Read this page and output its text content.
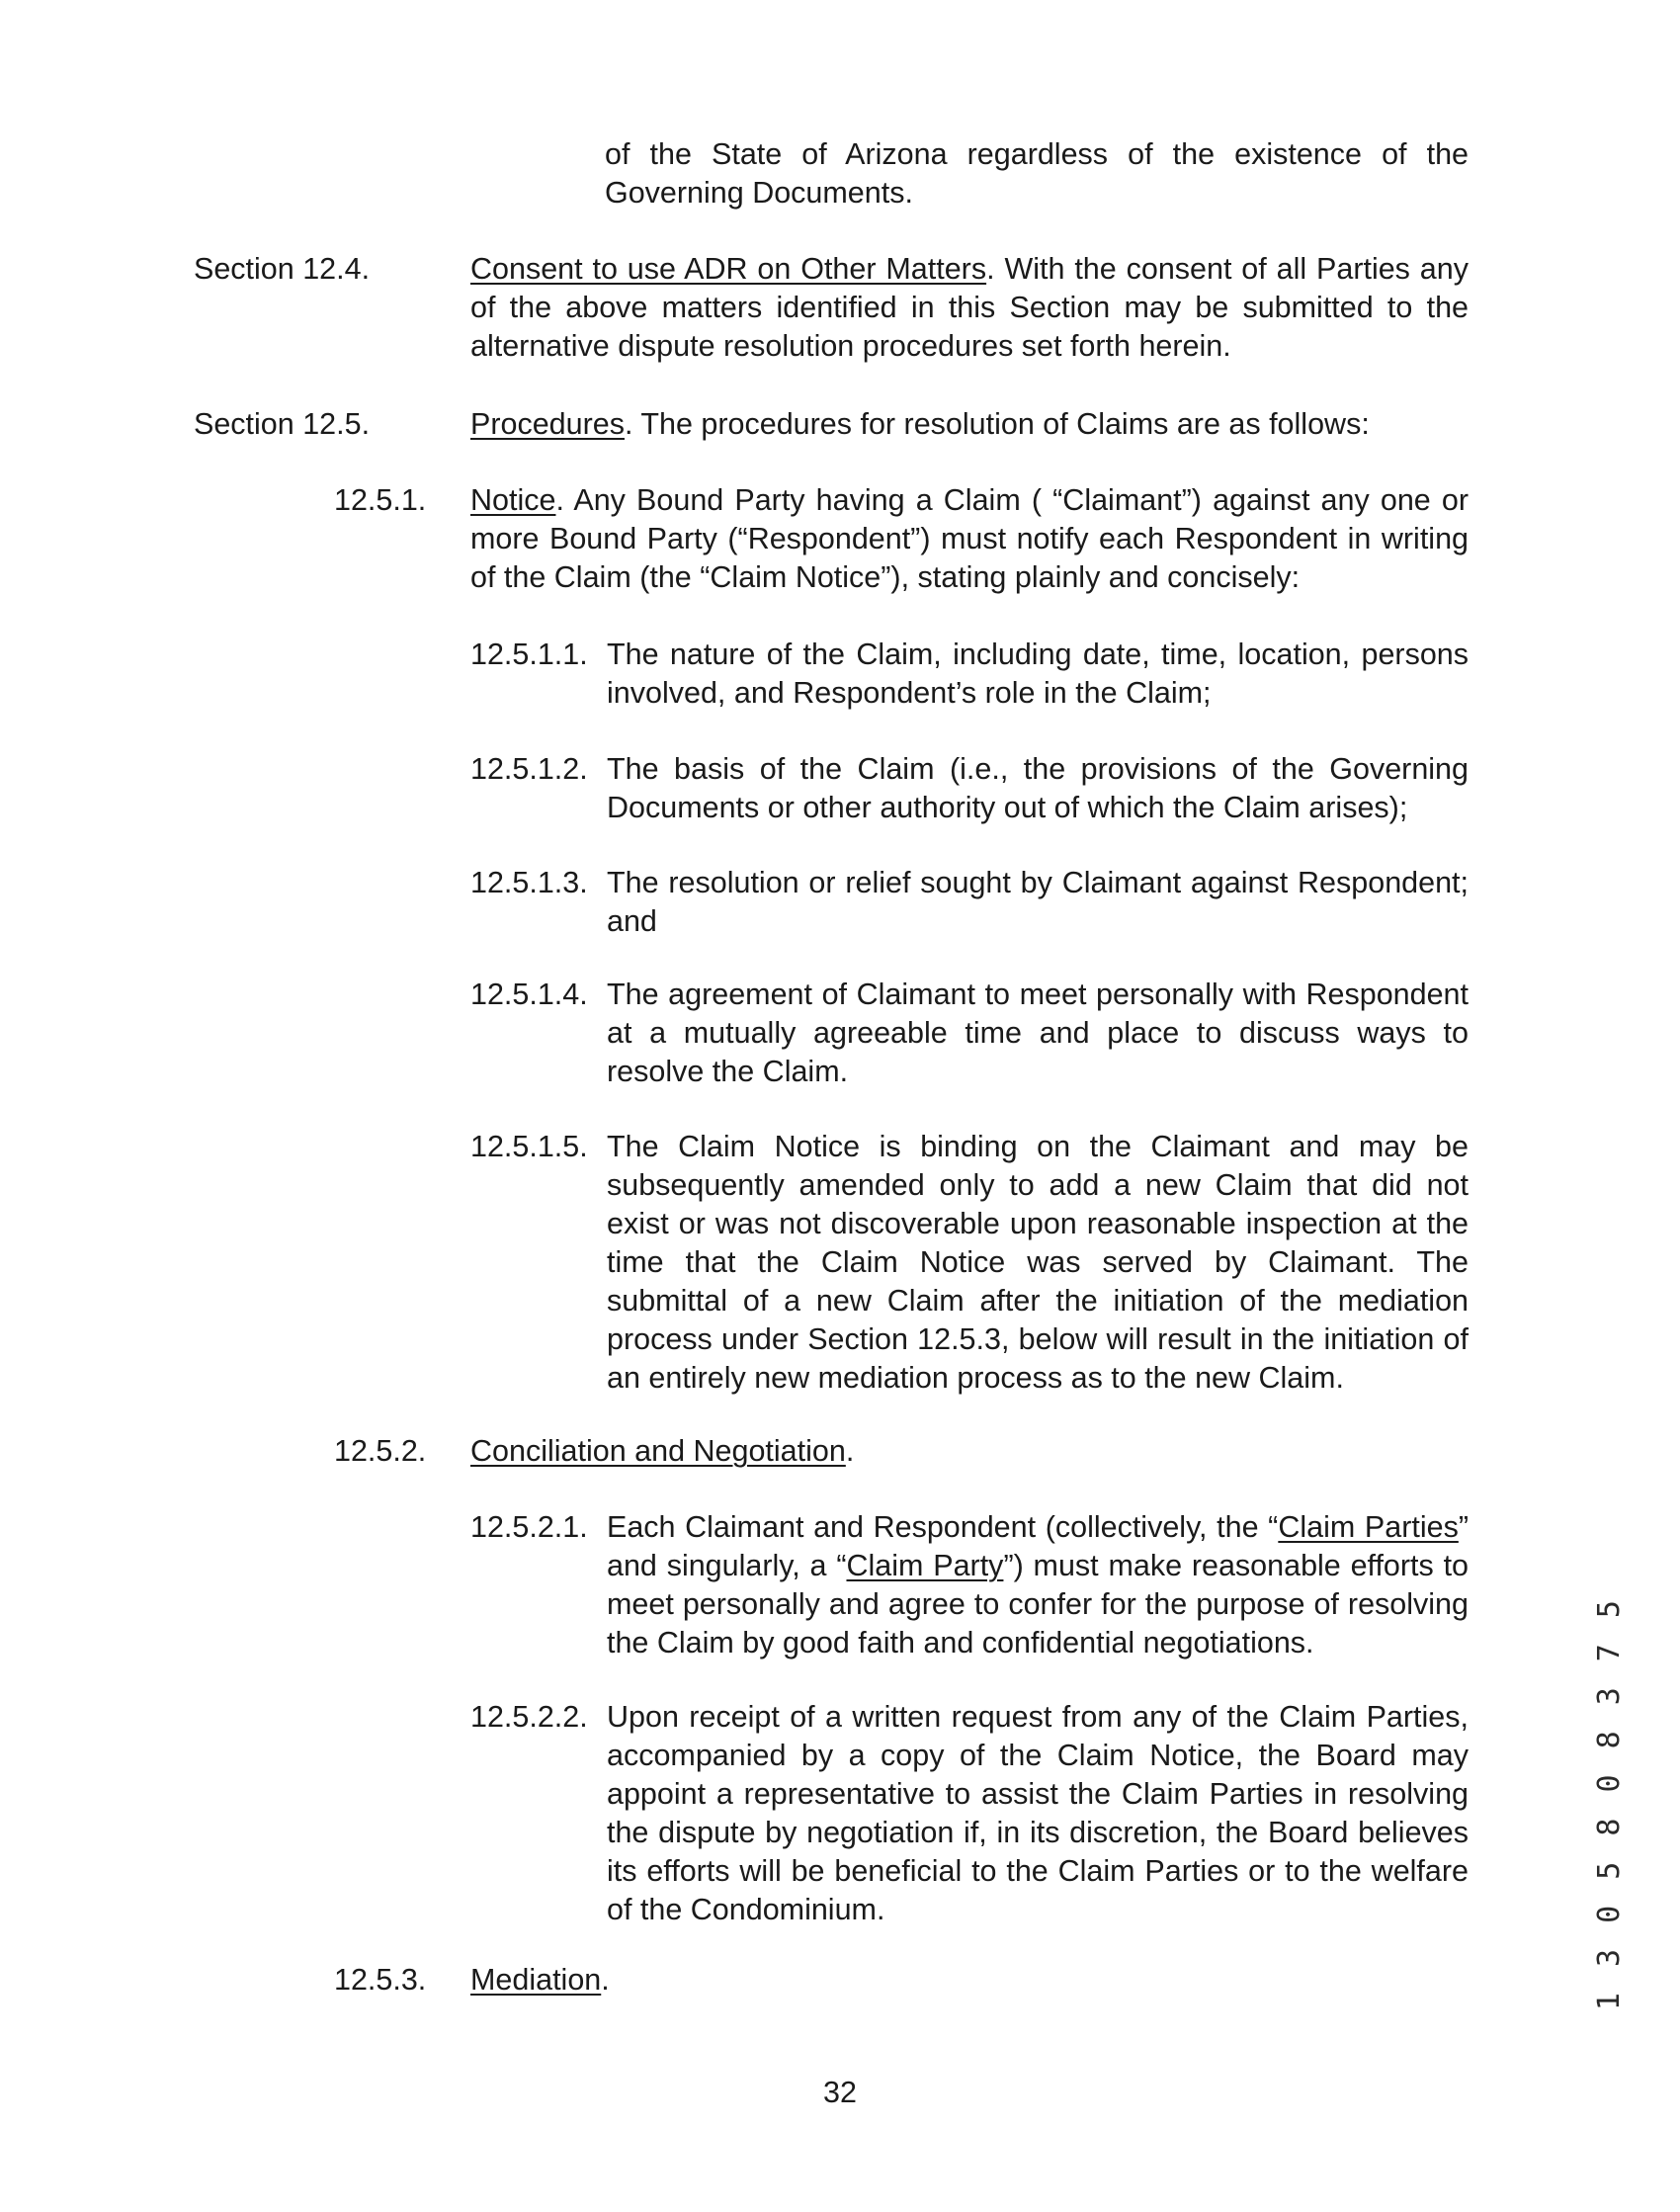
of the State of Arizona regardless of the existence of the Governing Documents.
Section 12.4.	Consent to use ADR on Other Matters. With the consent of all Parties any of the above matters identified in this Section may be submitted to the alternative dispute resolution procedures set forth herein.
Section 12.5.	Procedures. The procedures for resolution of Claims are as follows:
12.5.1. Notice. Any Bound Party having a Claim ( “Claimant”) against any one or more Bound Party (“Respondent”) must notify each Respondent in writing of the Claim (the “Claim Notice”), stating plainly and concisely:
12.5.1.1. The nature of the Claim, including date, time, location, persons involved, and Respondent’s role in the Claim;
12.5.1.2. The basis of the Claim (i.e., the provisions of the Governing Documents or other authority out of which the Claim arises);
12.5.1.3. The resolution or relief sought by Claimant against Respondent; and
12.5.1.4. The agreement of Claimant to meet personally with Respondent at a mutually agreeable time and place to discuss ways to resolve the Claim.
12.5.1.5. The Claim Notice is binding on the Claimant and may be subsequently amended only to add a new Claim that did not exist or was not discoverable upon reasonable inspection at the time that the Claim Notice was served by Claimant. The submittal of a new Claim after the initiation of the mediation process under Section 12.5.3, below will result in the initiation of an entirely new mediation process as to the new Claim.
12.5.2. Conciliation and Negotiation.
12.5.2.1. Each Claimant and Respondent (collectively, the “Claim Parties” and singularly, a “Claim Party”) must make reasonable efforts to meet personally and agree to confer for the purpose of resolving the Claim by good faith and confidential negotiations.
12.5.2.2. Upon receipt of a written request from any of the Claim Parties, accompanied by a copy of the Claim Notice, the Board may appoint a representative to assist the Claim Parties in resolving the dispute by negotiation if, in its discretion, the Board believes its efforts will be beneficial to the Claim Parties or to the welfare of the Condominium.
12.5.3. Mediation.
32
1 3 0 5 8 0 8 3 7 5
